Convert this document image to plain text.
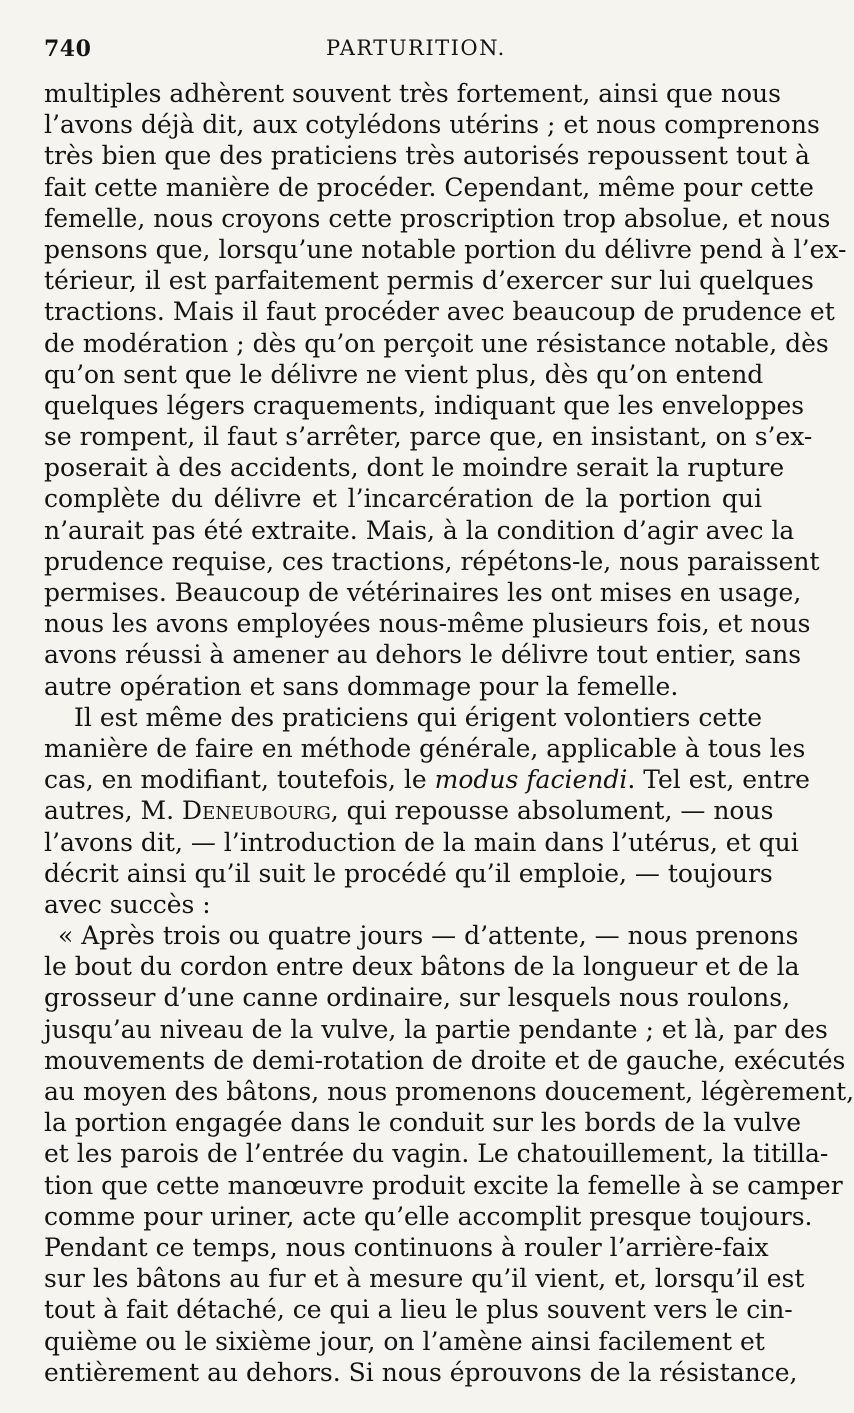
740	PARTURITION.
multiples adhèrent souvent très fortement, ainsi que nous
l’avons déjà dit, aux cotylédons utérins ; et nous comprenons
très bien que des praticiens très autorisés repoussent tout à
fait cette manière de procéder. Cependant, même pour cette
femelle, nous croyons cette proscription trop absolue, et nous
pensons que, lorsqu’une notable portion du délivre pend à l’ex-
térieur, il est parfaitement permis d’exercer sur lui quelques
tractions. Mais il faut procéder avec beaucoup de prudence et
de modération ; dès qu’on perçoit une résistance notable, dès
qu’on sent que le délivre ne vient plus, dès qu’on entend
quelques légers craquements, indiquant que les enveloppes
se rompent, il faut s’arrêter, parce que, en insistant, on s’ex-
poserait à des accidents, dont le moindre serait la rupture
complète du délivre et l’incarcération de la portion qui
n’aurait pas été extraite. Mais, à la condition d’agir avec la
prudence requise, ces tractions, répétons-le, nous paraissent
permises. Beaucoup de vétérinaires les ont mises en usage,
nous les avons employées nous-même plusieurs fois, et nous
avons réussi à amener au dehors le délivre tout entier, sans
autre opération et sans dommage pour la femelle.
Il est même des praticiens qui érigent volontiers cette
manière de faire en méthode générale, applicable à tous les
cas, en modifiant, toutefois, le modus faciendi. Tel est, entre
autres, M. Deneubourg, qui repousse absolument, — nous
l’avons dit, — l’introduction de la main dans l’utérus, et qui
décrit ainsi qu’il suit le procédé qu’il emploie, — toujours
avec succès :
« Après trois ou quatre jours — d’attente, — nous prenons
le bout du cordon entre deux bâtons de la longueur et de la
grosseur d’une canne ordinaire, sur lesquels nous roulons,
jusqu’au niveau de la vulve, la partie pendante ; et là, par des
mouvements de demi-rotation de droite et de gauche, exécutés
au moyen des bâtons, nous promenons doucement, légèrement,
la portion engagée dans le conduit sur les bords de la vulve
et les parois de l’entrée du vagin. Le chatouillement, la titilla-
tion que cette manœuvre produit excite la femelle à se camper
comme pour uriner, acte qu’elle accomplit presque toujours.
Pendant ce temps, nous continuons à rouler l’arrière-faix
sur les bâtons au fur et à mesure qu’il vient, et, lorsqu’il est
tout à fait détaché, ce qui a lieu le plus souvent vers le cin-
quième ou le sixième jour, on l’amène ainsi facilement et
entièrement au dehors. Si nous éprouvons de la résistance,
